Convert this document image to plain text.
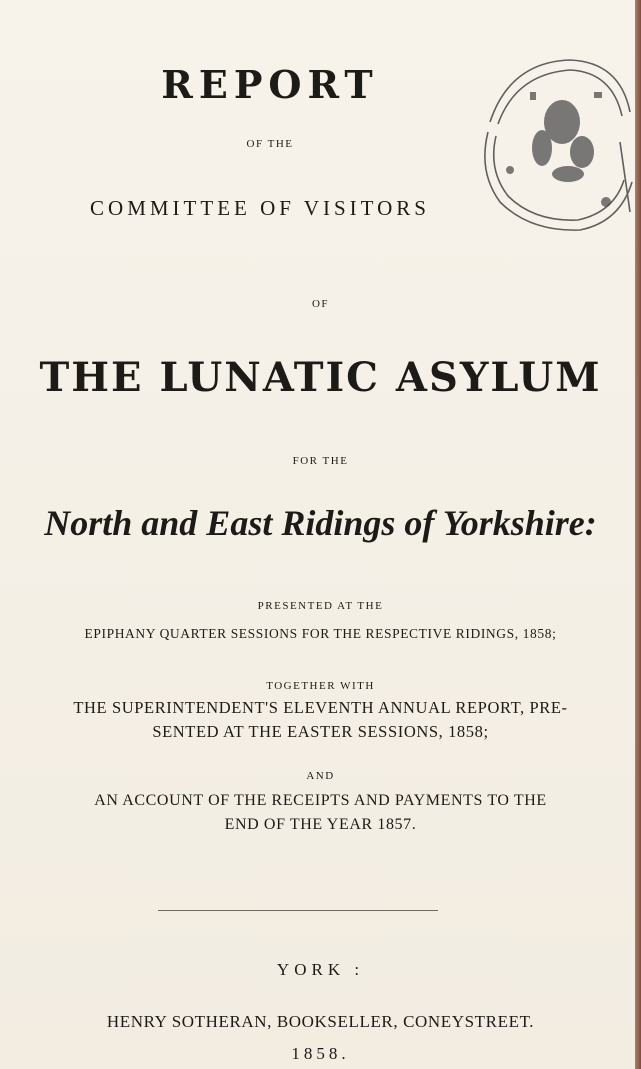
REPORT
OF THE
COMMITTEE OF VISITORS
OF
THE LUNATIC ASYLUM
FOR THE
North and East Ridings of Yorkshire:
PRESENTED AT THE
EPIPHANY QUARTER SESSIONS FOR THE RESPECTIVE RIDINGS, 1858;
TOGETHER WITH
THE SUPERINTENDENT'S ELEVENTH ANNUAL REPORT, PRE-
SENTED AT THE EASTER SESSIONS, 1858;
AND
AN ACCOUNT OF THE RECEIPTS AND PAYMENTS TO THE
END OF THE YEAR 1857.
YORK :
HENRY SOTHERAN, BOOKSELLER, CONEYSTREET.
1858.
